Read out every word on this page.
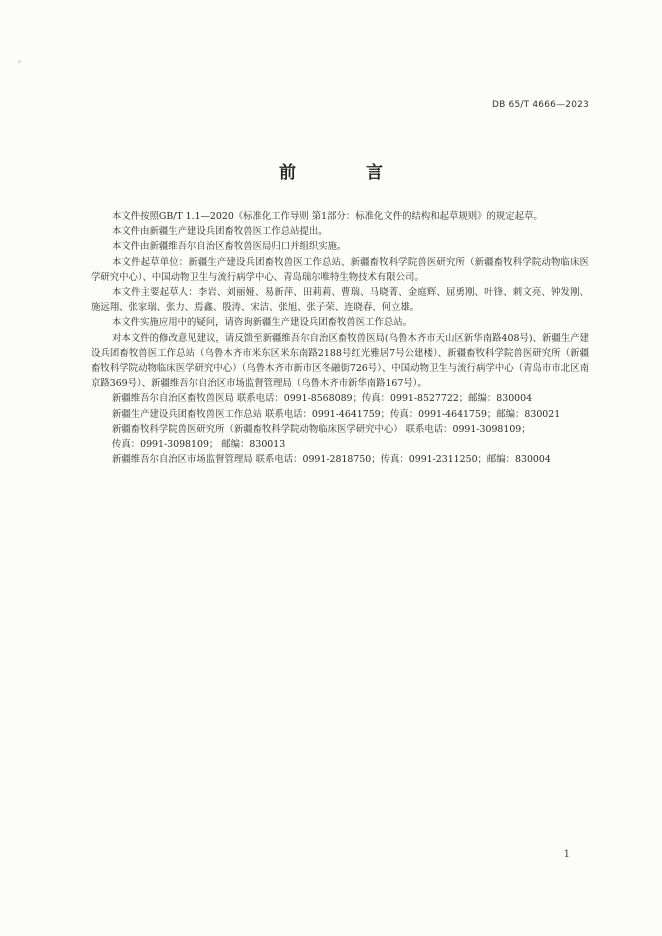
DB 65/T 4666—2023
前 言

本文件按照GB/T 1.1—2020《标准化工作导则 第1部分：标准化文件的结构和起草规则》的规定起草。

本文件由新疆生产建设兵团畜牧兽医工作总站提出。

本文件由新疆维吾尔自治区畜牧兽医局归口并组织实施。

本文件起草单位：新疆生产建设兵团畜牧兽医工作总站、新疆畜牧科学院兽医研究所（新疆畜牧科学院动物临床医学研究中心）、中国动物卫生与流行病学中心、青岛瑞尔唯特生物技术有限公司。

本文件主要起草人：李岩、刘丽娅、易新萍、田莉莉、曹瑞、马晓菁、金庭辉、屈勇刚、叶锋、刺文亮、钟发刚、施远翔、张家瑞、张力、焉鑫、殷涛、宋洁、张旭、张子荣、连晓春、何立雄。

本文件实施应用中的疑问，请咨询新疆生产建设兵团畜牧兽医工作总站。

对本文件的修改意见建议，请反馈至新疆维吾尔自治区畜牧兽医局(乌鲁木齐市天山区新华南路408号)、新疆生产建设兵团畜牧兽医工作总站（乌鲁木齐市米东区米东南路2188号红光雅居7号公建楼）、新疆畜牧科学院兽医研究所（新疆畜牧科学院动物临床医学研究中心）（乌鲁木齐市新市区冬融街726号）、中国动物卫生与流行病学中心（青岛市市北区南京路369号）、新疆维吾尔自治区市场监督管理局（乌鲁木齐市新华南路167号）。

新疆维吾尔自治区畜牧兽医局 联系电话：0991-8568089；传真：0991-8527722；邮编：830004

新疆生产建设兵团畜牧兽医工作总站 联系电话：0991-4641759；传真：0991-4641759；邮编：830021

新疆畜牧科学院兽医研究所（新疆畜牧科学院动物临床医学研究中心） 联系电话：0991-3098109；
传真：0991-3098109； 邮编：830013

新疆维吾尔自治区市场监督管理局 联系电话：0991-2818750；传真：0991-2311250；邮编：830004

1
